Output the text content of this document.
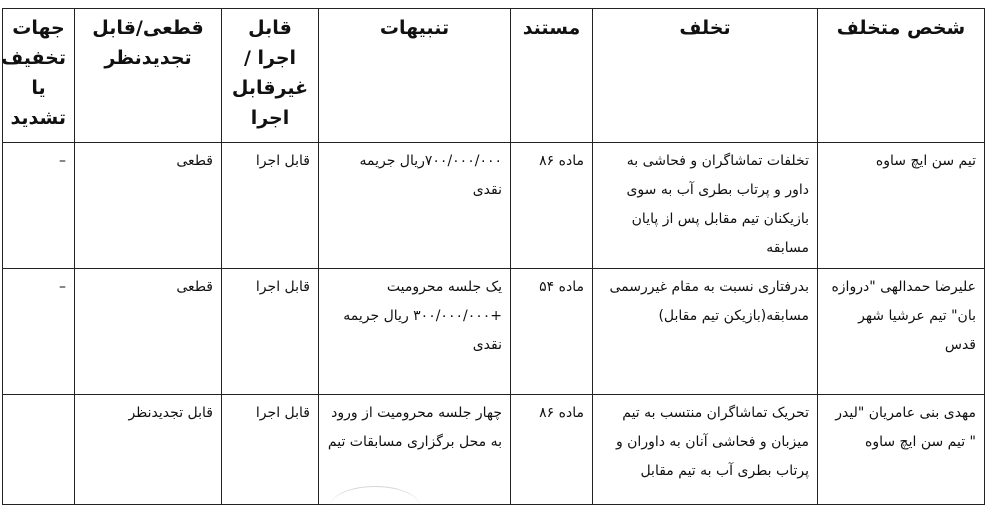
شخص متخلف	تخلف	مستند	تنبیهات	قابل اجرا /غیرقابل اجرا	قطعی/قابل تجدیدنظر	جهات تخفیف یا تشدید
تیم سن ایچ ساوه	تخلفات تماشاگران و فحاشی به داور و پرتاب بطری آب به سوی بازیکنان تیم مقابل پس از پایان مسابقه	ماده ۸۶	۷۰۰/۰۰۰/۰۰۰ریال جریمه نقدی	قابل اجرا	قطعی	–
علیرضا حمدالهی "دروازه بان" تیم عرشیا شهر قدس	بدرفتاری نسبت به مقام غیررسمی مسابقه(بازیکن تیم مقابل)	ماده ۵۴	یک جلسه محرومیت +۳۰۰/۰۰۰/۰۰۰ ریال جریمه نقدی	قابل اجرا	قطعی	–
مهدی بنی عامریان "لیدر " تیم سن ایچ ساوه	تحریک تماشاگران منتسب به تیم میزبان و فحاشی آنان به داوران و پرتاب بطری آب به تیم مقابل	ماده ۸۶	چهار جلسه محرومیت از ورود به محل برگزاری مسابقات تیم	قابل اجرا	قابل تجدیدنظر	
